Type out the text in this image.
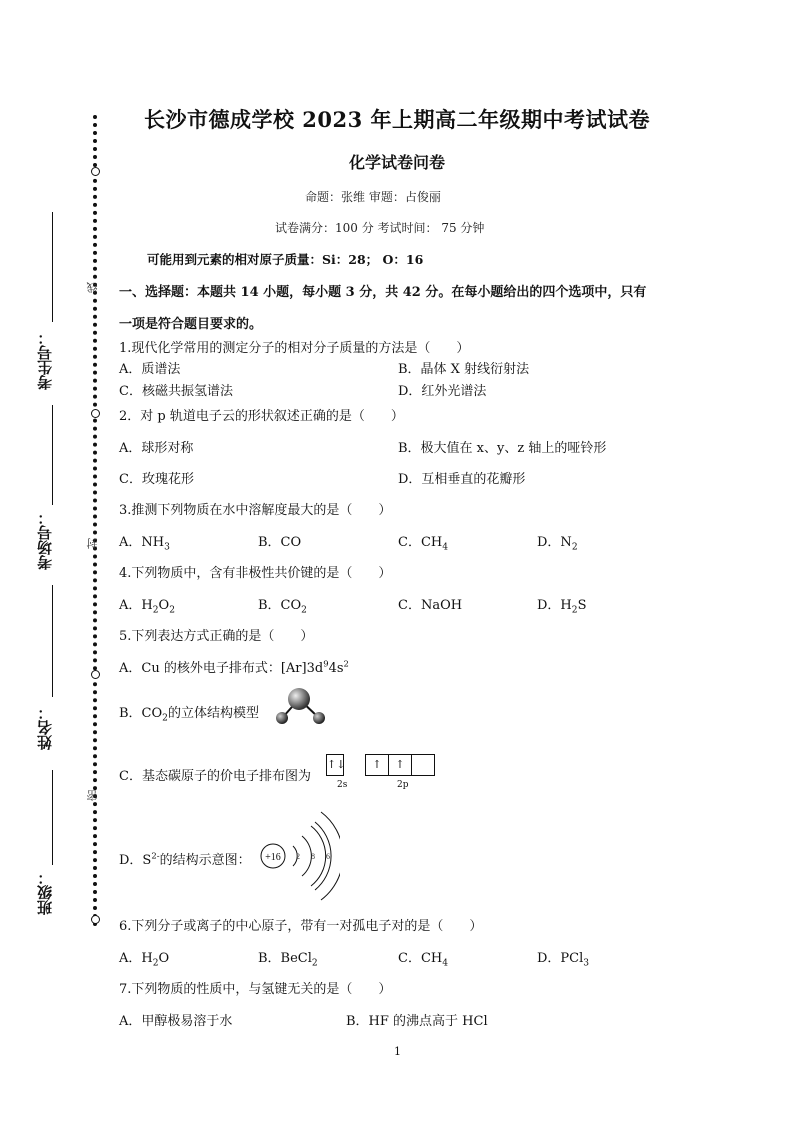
线
封
密
考生号：
考场号：
姓名：
班级：
长沙市德成学校 2023 年上期高二年级期中考试试卷
化学试卷问卷
命题：张维 审题：占俊丽
试卷满分：100 分 考试时间： 75 分钟
可能用到元素的相对原子质量：Si：28； O：16
一、选择题：本题共 14 小题，每小题 3 分，共 42 分。在每小题给出的四个选项中，只有
一项是符合题目要求的。
1.现代化学常用的测定分子的相对分子质量的方法是（　　）
A．质谱法	B．晶体 X 射线衍射法
C．核磁共振氢谱法	D．红外光谱法
2．对 p 轨道电子云的形状叙述正确的是（　　）
A．球形对称	B．极大值在 x、y、z 轴上的哑铃形
C．玫瑰花形	D．互相垂直的花瓣形
3.推测下列物质在水中溶解度最大的是（　　）
A．$NH_3$	B．CO	C．$CH_4$	D．$N_2$
4.下列物质中，含有非极性共价键的是（　　）
A．$H_2O_2$	B．$CO_2$	C．NaOH	D．$H_2S$
5.下列表达方式正确的是（　　）
A．Cu 的核外电子排布式：$[Ar]3d^94s^2$
B．$CO_2$的立体结构模型
C．基态碳原子的价电子排布图为
↑↓	↑ ↑
2s	2p
D．$S^{2-}$的结构示意图： +16 2 8 6
6.下列分子或离子的中心原子，带有一对孤电子对的是（　　）
A．$H_2O$	B．BeCl$_2$	C．$CH_4$	D．PCl$_3$
7.下列物质的性质中，与氢键无关的是（　　）
A．甲醇极易溶于水	B．HF 的沸点高于 HCl
1
